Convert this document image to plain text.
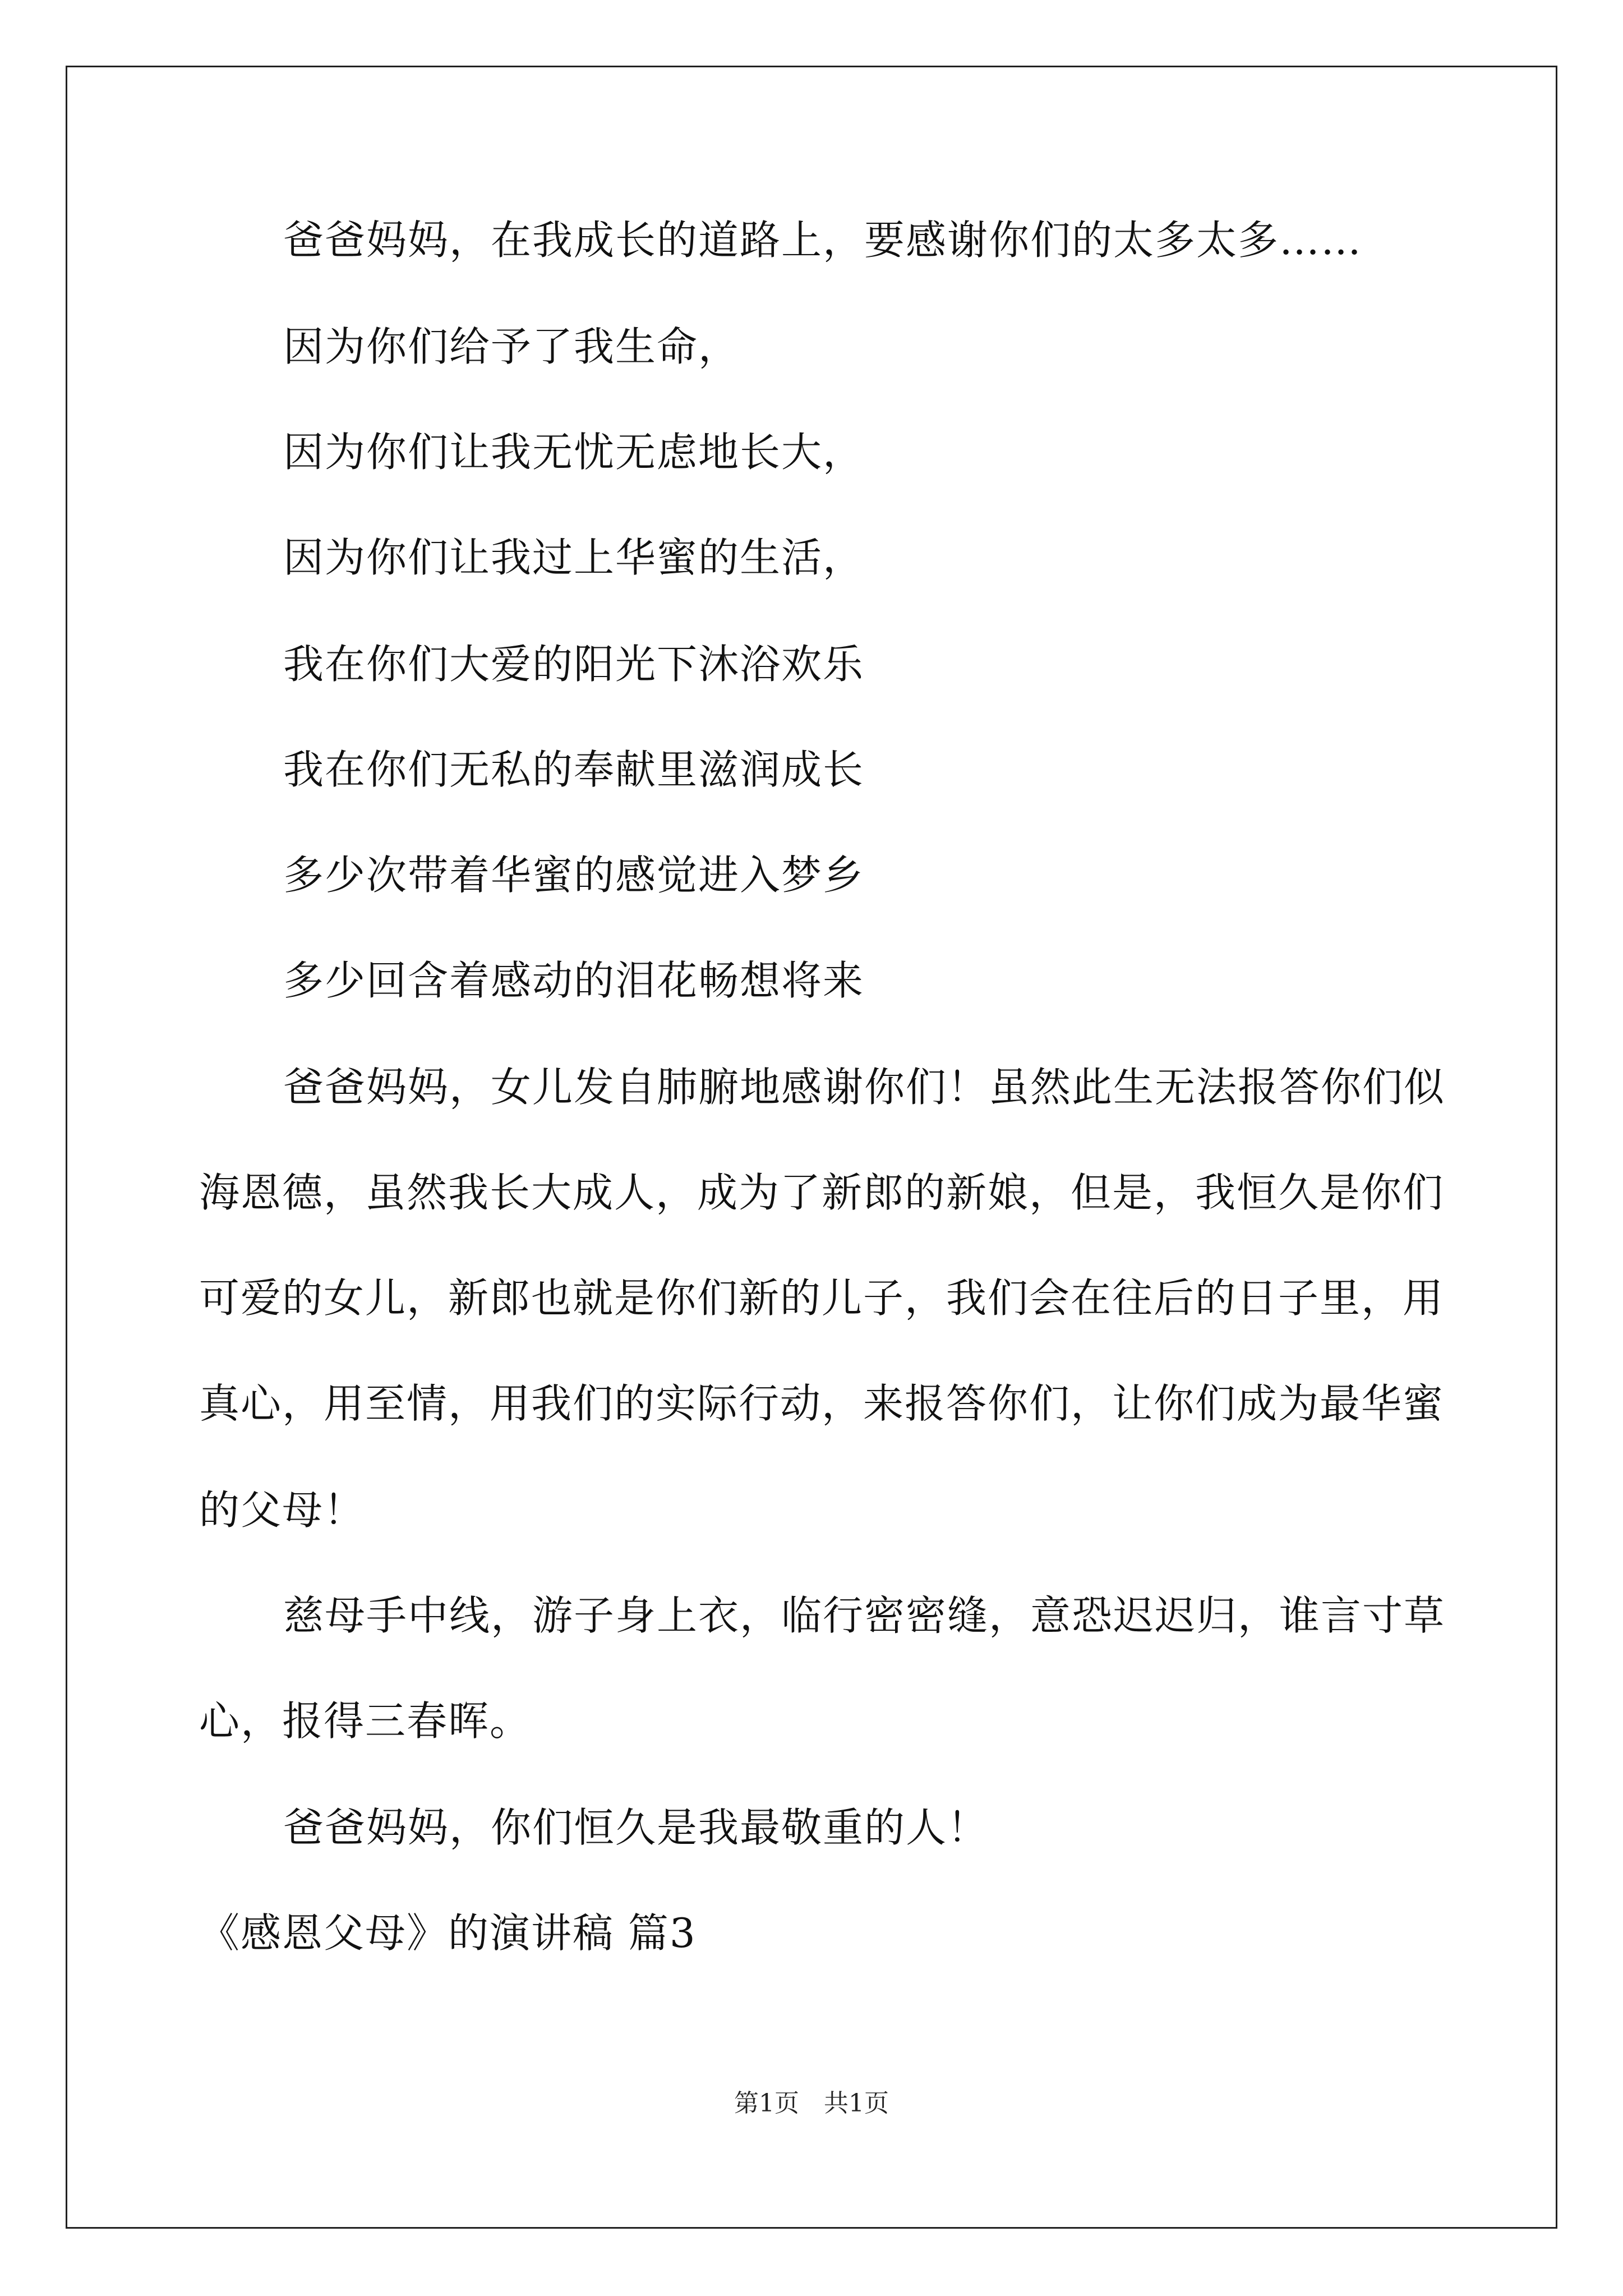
爸爸妈妈，在我成长的道路上，要感谢你们的太多太多……

因为你们给予了我生命，

因为你们让我无忧无虑地长大，

因为你们让我过上华蜜的生活，

我在你们大爱的阳光下沐浴欢乐

我在你们无私的奉献里滋润成长

多少次带着华蜜的感觉进入梦乡

多少回含着感动的泪花畅想将来

爸爸妈妈，女儿发自肺腑地感谢你们！虽然此生无法报答你们似

海恩德，虽然我长大成人，成为了新郎的新娘，但是，我恒久是你们

可爱的女儿，新郎也就是你们新的儿子，我们会在往后的日子里，用

真心，用至情，用我们的实际行动，来报答你们，让你们成为最华蜜

的父母！

慈母手中线，游子身上衣，临行密密缝，意恐迟迟归，谁言寸草

心，报得三春晖。

爸爸妈妈，你们恒久是我最敬重的人！

《感恩父母》的演讲稿 篇3

第1页　共1页
